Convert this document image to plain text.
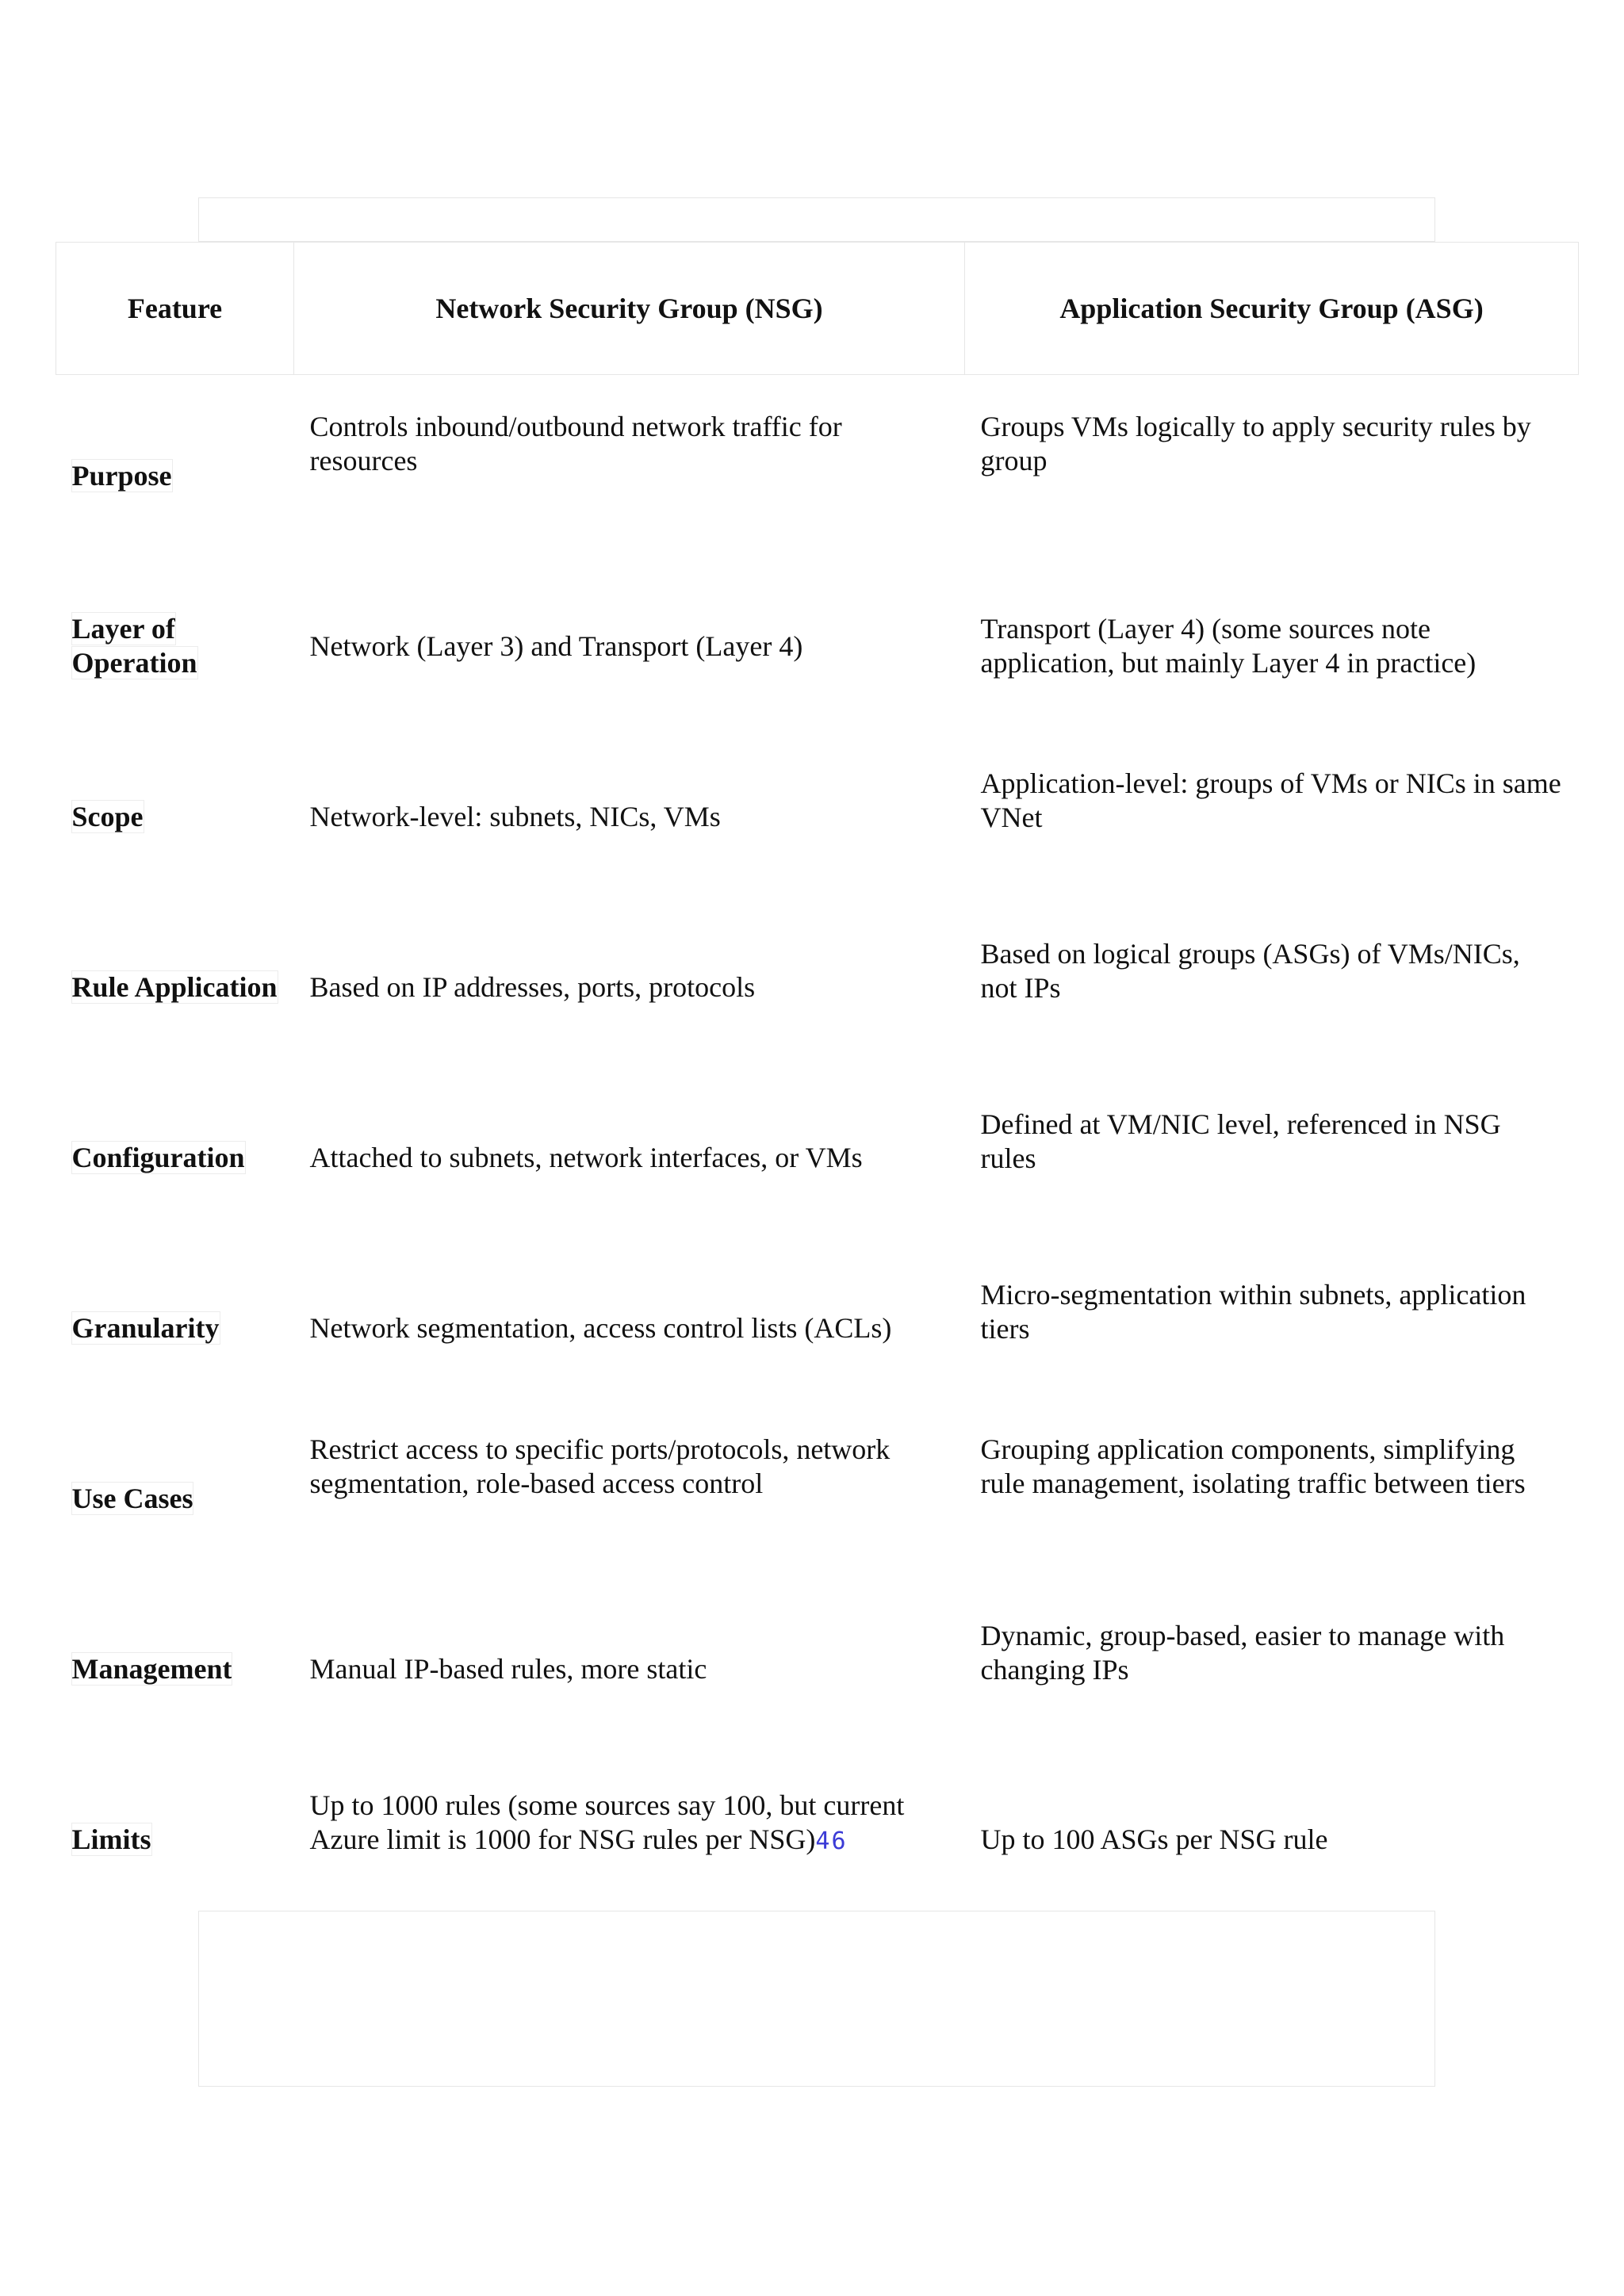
Feature	Network Security Group (NSG)	Application Security Group (ASG)
Purpose	Controls inbound/outbound network traffic for resources	Groups VMs logically to apply security rules by group
Layer of Operation	Network (Layer 3) and Transport (Layer 4)	Transport (Layer 4) (some sources note application, but mainly Layer 4 in practice)
Scope	Network-level: subnets, NICs, VMs	Application-level: groups of VMs or NICs in same VNet
Rule Application	Based on IP addresses, ports, protocols	Based on logical groups (ASGs) of VMs/NICs, not IPs
Configuration	Attached to subnets, network interfaces, or VMs	Defined at VM/NIC level, referenced in NSG rules
Granularity	Network segmentation, access control lists (ACLs)	Micro-segmentation within subnets, application tiers
Use Cases	Restrict access to specific ports/protocols, network segmentation, role-based access control	Grouping application components, simplifying rule management, isolating traffic between tiers
Management	Manual IP-based rules, more static	Dynamic, group-based, easier to manage with changing IPs
Limits	Up to 1000 rules (some sources say 100, but current Azure limit is 1000 for NSG rules per NSG)46	Up to 100 ASGs per NSG rule
